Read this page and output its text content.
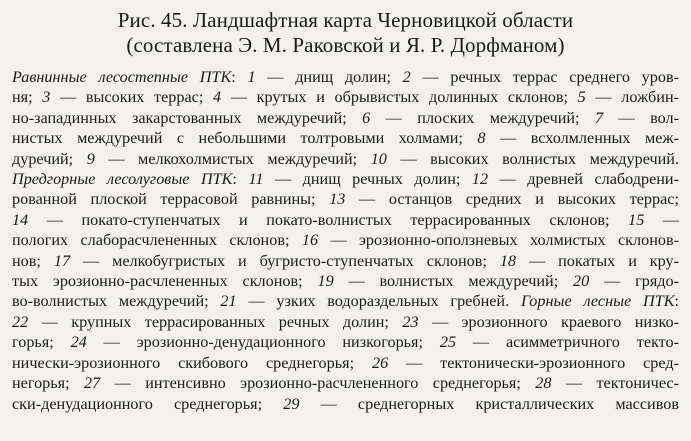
Рис. 45. Ландшафтная карта Черновицкой области
(составлена Э. М. Раковской и Я. Р. Дорфманом)
Равнинные лесостепные ПТК: 1 — днищ долин; 2 — речных террас среднего уров-
ня; 3 — высоких террас; 4 — крутых и обрывистых долинных склонов; 5 — ложбин-
но-западинных закарстованных междуречий; 6 — плоских междуречий; 7 — вол-
нистых междуречий с небольшими толтровыми холмами; 8 — всхолмленных меж-
дуречий; 9 — мелкохолмистых междуречий; 10 — высоких волнистых междуречий.
Предгорные лесолуговые ПТК: 11 — днищ речных долин; 12 — древней слабодрени-
рованной плоской террасовой равнины; 13 — останцов средних и высоких террас;
14 — покато-ступенчатых и покато-волнистых террасированных склонов; 15 —
пологих слаборасчлененных склонов; 16 — эрозионно-оползневых холмистых склонов-
нов; 17 — мелкобугристых и бугристо-ступенчатых склонов; 18 — покатых и кру-
тых эрозионно-расчлененных склонов; 19 — волнистых междуречий; 20 — грядо-
во-волнистых междуречий; 21 — узких водораздельных гребней. Горные лесные ПТК:
22 — крупных террасированных речных долин; 23 — эрозионного краевого низко-
горья; 24 — эрозионно-денудационного низкогорья; 25 — асимметричного текто-
нически-эрозионного скибового среднегорья; 26 — тектонически-эрозионного сред-
негорья; 27 — интенсивно эрозионно-расчлененного среднегорья; 28 — тектоничес-
ски-денудационного среднегорья; 29 — среднегорных кристаллических массивов
